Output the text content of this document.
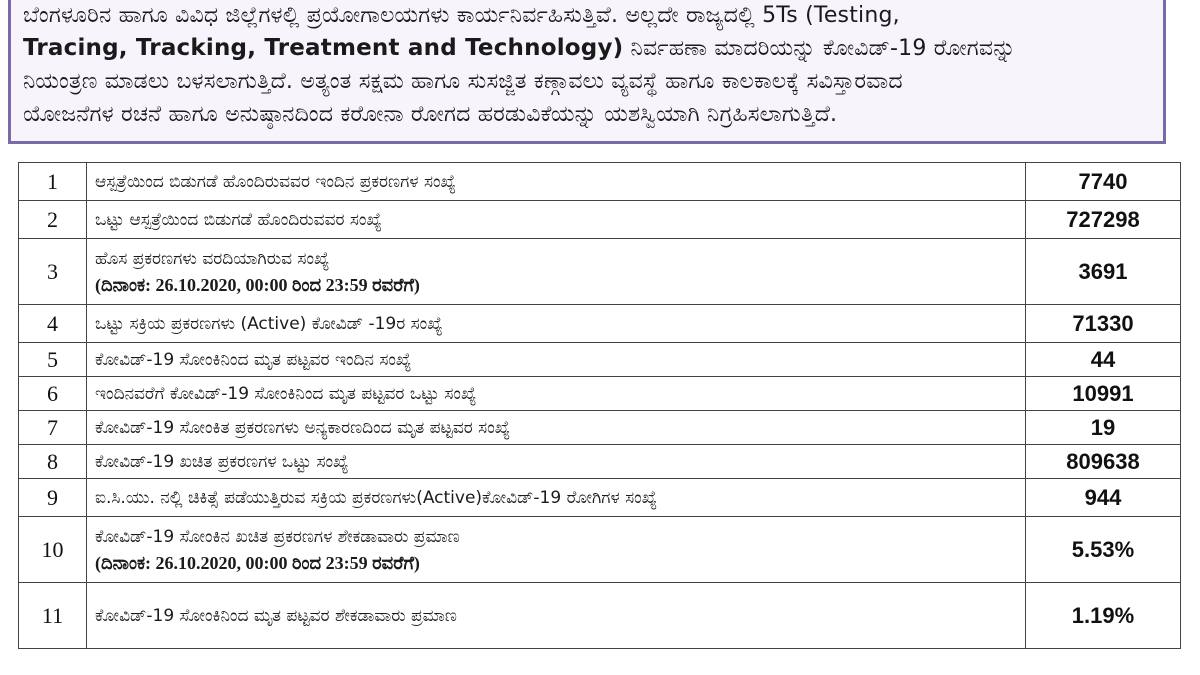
ಬೆಂಗಳೂರಿನ ಹಾಗೂ ವಿವಿಧ ಜಿಲ್ಲೆಗಳಲ್ಲಿ ಪ್ರಯೋಗಾಲಯಗಳು ಕಾರ್ಯನಿರ್ವಹಿಸುತ್ತಿವೆ. ಅಲ್ಲದೇ ರಾಜ್ಯದಲ್ಲಿ 5Ts (Testing,

Tracing, Tracking, Treatment and Technology) ನಿರ್ವಹಣಾ ಮಾದರಿಯನ್ನು ಕೋವಿಡ್-19 ರೋಗವನ್ನು

ನಿಯಂತ್ರಣ ಮಾಡಲು ಬಳಸಲಾಗುತ್ತಿದೆ. ಅತ್ಯಂತ ಸಕ್ಷಮ ಹಾಗೂ ಸುಸಜ್ಜಿತ ಕಣ್ಗಾವಲು ವ್ಯವಸ್ಥೆ ಹಾಗೂ ಕಾಲಕಾಲಕ್ಕೆ ಸವಿಸ್ತಾರವಾದ

ಯೋಜನೆಗಳ ರಚನೆ ಹಾಗೂ ಅನುಷ್ಠಾನದಿಂದ ಕರೋನಾ ರೋಗದ ಹರಡುವಿಕೆಯನ್ನು ಯಶಸ್ವಿಯಾಗಿ ನಿಗ್ರಹಿಸಲಾಗುತ್ತಿದೆ.

1	ಆಸ್ಪತ್ರೆಯಿಂದ ಬಿಡುಗಡೆ ಹೊಂದಿರುವವರ ಇಂದಿನ ಪ್ರಕರಣಗಳ ಸಂಖ್ಯೆ	7740
2	ಒಟ್ಟು ಆಸ್ಪತ್ರೆಯಿಂದ ಬಿಡುಗಡೆ ಹೊಂದಿರುವವರ ಸಂಖ್ಯೆ	727298
3	ಹೊಸ ಪ್ರಕರಣಗಳು ವರದಿಯಾಗಿರುವ ಸಂಖ್ಯೆ
(ದಿನಾಂಕ: 26.10.2020, 00:00 ರಿಂದ 23:59 ರವರೆಗೆ)	3691
4	ಒಟ್ಟು ಸಕ್ರಿಯ ಪ್ರಕರಣಗಳು (Active) ಕೋವಿಡ್ -19ರ ಸಂಖ್ಯೆ	71330
5	ಕೋವಿಡ್-19 ಸೋಂಕಿನಿಂದ ಮೃತ ಪಟ್ಟವರ ಇಂದಿನ ಸಂಖ್ಯೆ	44
6	ಇಂದಿನವರೆಗೆ ಕೋವಿಡ್-19 ಸೋಂಕಿನಿಂದ ಮೃತ ಪಟ್ಟವರ ಒಟ್ಟು ಸಂಖ್ಯೆ	10991
7	ಕೋವಿಡ್-19 ಸೋಂಕಿತ ಪ್ರಕರಣಗಳು ಅನ್ಯಕಾರಣದಿಂದ ಮೃತ ಪಟ್ಟವರ ಸಂಖ್ಯೆ	19
8	ಕೋವಿಡ್-19 ಖಚಿತ ಪ್ರಕರಣಗಳ ಒಟ್ಟು ಸಂಖ್ಯೆ	809638
9	ಐ.ಸಿ.ಯು. ನಲ್ಲಿ ಚಿಕಿತ್ಸೆ ಪಡೆಯುತ್ತಿರುವ ಸಕ್ರಿಯ ಪ್ರಕರಣಗಳು(Active)ಕೋವಿಡ್-19 ರೋಗಿಗಳ ಸಂಖ್ಯೆ	944
10	ಕೋವಿಡ್-19 ಸೋಂಕಿನ ಖಚಿತ ಪ್ರಕರಣಗಳ ಶೇಕಡಾವಾರು ಪ್ರಮಾಣ
(ದಿನಾಂಕ: 26.10.2020, 00:00 ರಿಂದ 23:59 ರವರೆಗೆ)	5.53%
11	ಕೋವಿಡ್-19 ಸೋಂಕಿನಿಂದ ಮೃತ ಪಟ್ಟವರ ಶೇಕಡಾವಾರು ಪ್ರಮಾಣ	1.19%
